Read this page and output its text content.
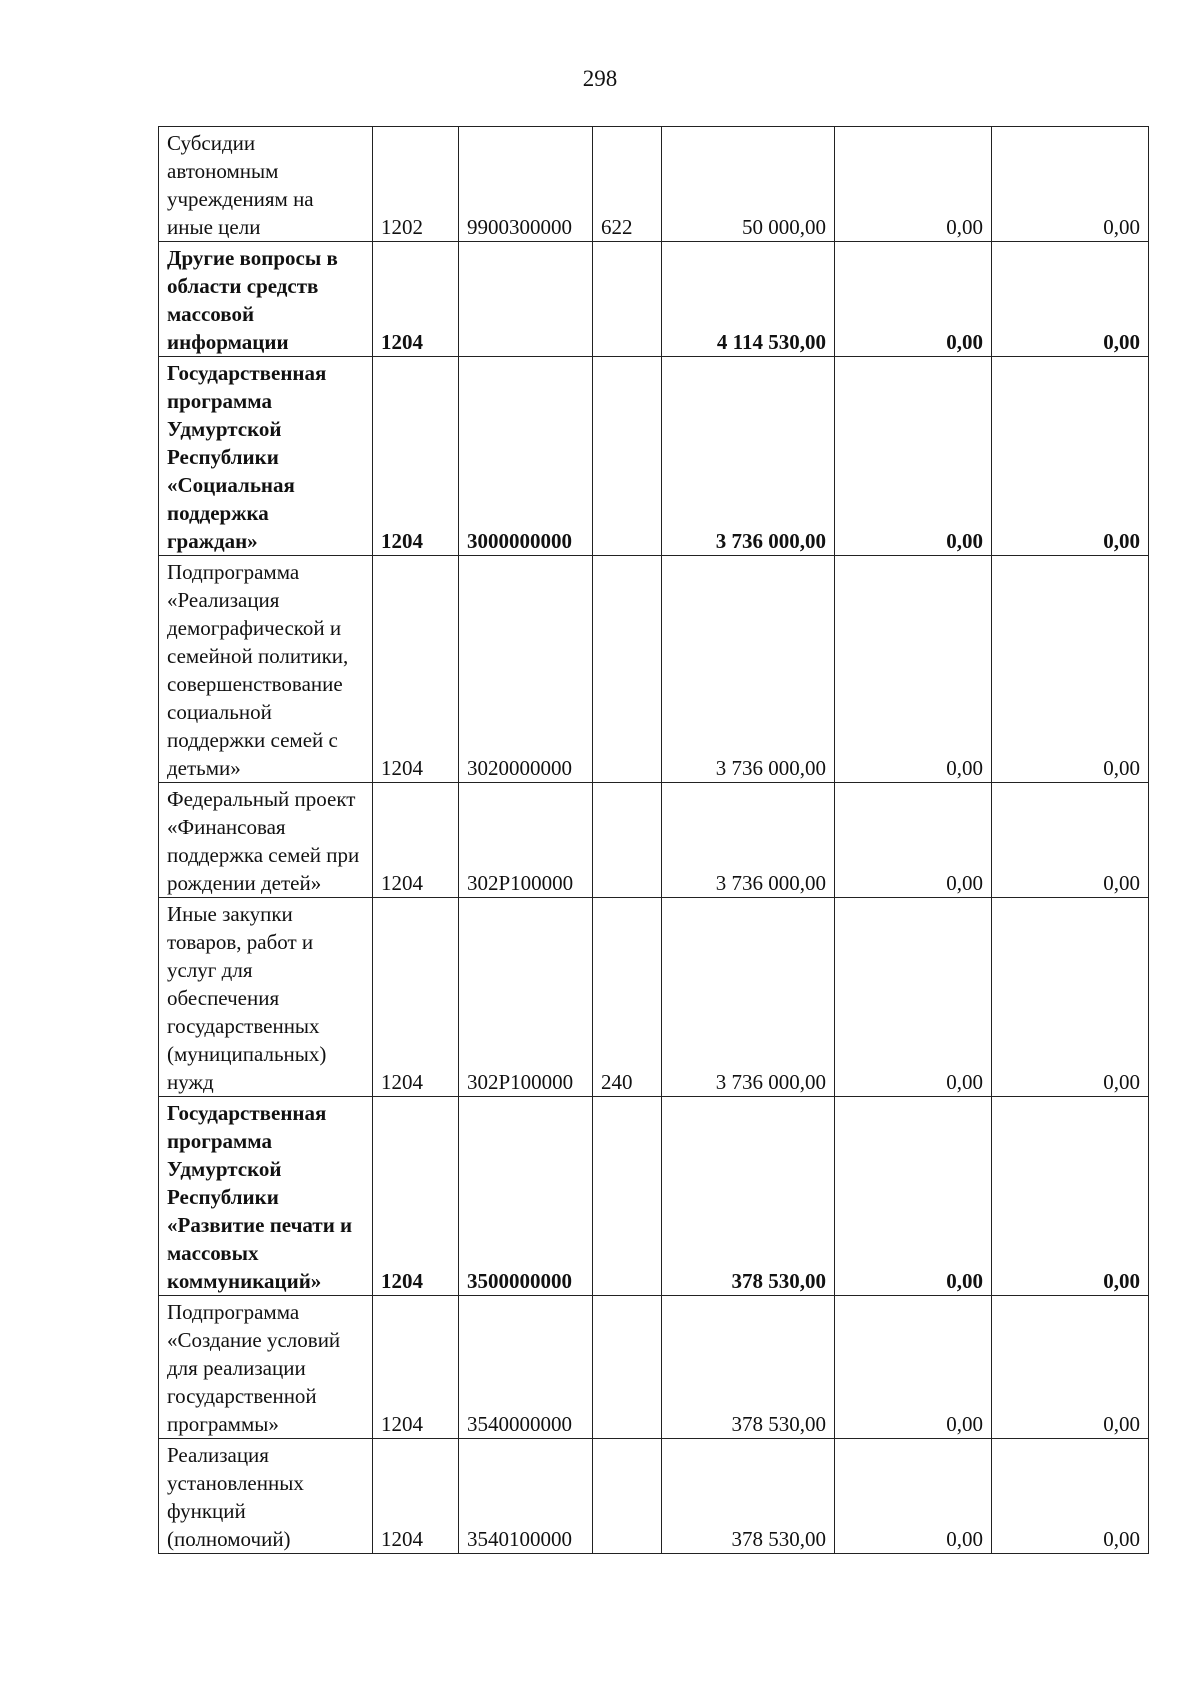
298
Субсидии автономным учреждениям на иные цели	1202	9900300000	622	50 000,00	0,00	0,00
Другие вопросы в области средств массовой информации	1204			4 114 530,00	0,00	0,00
Государственная программа Удмуртской Республики «Социальная поддержка граждан»	1204	3000000000		3 736 000,00	0,00	0,00
Подпрограмма «Реализация демографической и семейной политики, совершенствование социальной поддержки семей с детьми»	1204	3020000000		3 736 000,00	0,00	0,00
Федеральный проект «Финансовая поддержка семей при рождении детей»	1204	302P100000		3 736 000,00	0,00	0,00
Иные закупки товаров, работ и услуг для обеспечения государственных (муниципальных) нужд	1204	302P100000	240	3 736 000,00	0,00	0,00
Государственная программа Удмуртской Республики «Развитие печати и массовых коммуникаций»	1204	3500000000		378 530,00	0,00	0,00
Подпрограмма «Создание условий для реализации государственной программы»	1204	3540000000		378 530,00	0,00	0,00
Реализация установленных функций (полномочий)	1204	3540100000		378 530,00	0,00	0,00
